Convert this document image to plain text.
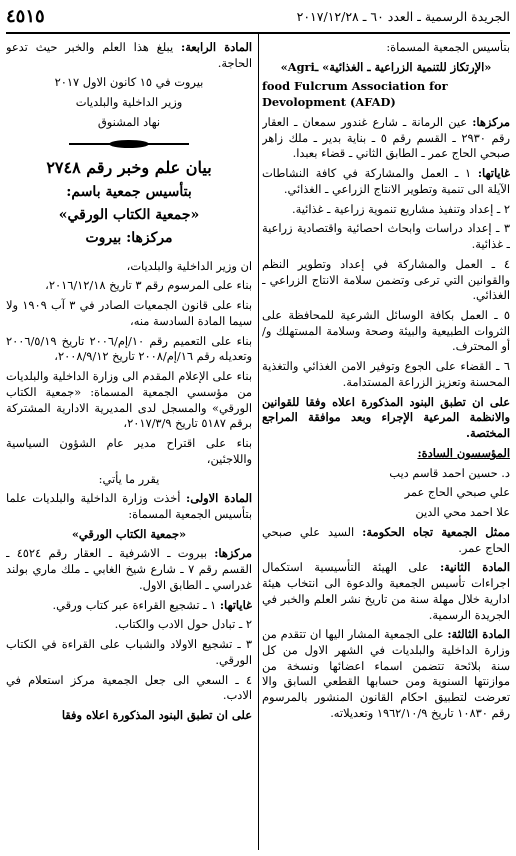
٤٥١٥	الجريدة الرسمية ـ العدد ٦٠ ـ ٢٠١٧/١٢/٢٨

بتأسيس الجمعية المسماة:

«الإرتكاز للتنمية الزراعية ـ الغذائية» ـAgri»

food Fulcrum Association for Devolopment (AFAD)

مركزها: عين الرمانة ـ شارع غندور سمعان ـ العقار رقم ٢٩٣٠ ـ القسم رقم ٥ ـ بناية بدير ـ ملك زاهر صبحي الحاج عمر ـ الطابق الثاني ـ قضاء بعبدا.

غاياتها: ١ ـ العمل والمشاركة في كافة النشاطات الآيلة الى تنمية وتطوير الانتاج الزراعي ـ الغذائي.

٢ ـ إعداد وتنفيذ مشاريع تنموية زراعية ـ غذائية.

٣ ـ إعداد دراسات وابحاث احصائية واقتصادية زراعية ـ غذائية.

٤ ـ العمل والمشاركة في إعداد وتطوير النظم والقوانين التي ترعى وتضمن سلامة الانتاج الزراعي ـ الغذائي.

٥ ـ العمل بكافة الوسائل الشرعية للمحافظة على الثروات الطبيعية والبيئة وصحة وسلامة المستهلك و/أو المحترف.

٦ ـ القضاء على الجوع وتوفير الامن الغذائي والتغذية المحسنة وتعزيز الزراعة المستدامة.

على ان تطبق البنود المذكورة اعلاه وفقا للقوانين والانظمة المرعية الإجراء وبعد موافقة المراجع المختصة.

المؤسسون السادة:

د. حسين احمد قاسم ديب

علي صبحي الحاج عمر

علا احمد محي الدين

ممثل الجمعية تجاه الحكومة: السيد علي صبحي الحاج عمر.

المادة الثانية: على الهيئة التأسيسية استكمال اجراءات تأسيس الجمعية والدعوة الى انتخاب هيئة ادارية خلال مهلة سنة من تاريخ نشر العلم والخبر في الجريدة الرسمية.

المادة الثالثة: على الجمعية المشار اليها ان تتقدم من وزارة الداخلية والبلديات في الشهر الاول من كل سنة بلائحة تتضمن اسماء اعضائها ونسخة من موازنتها السنوية ومن حسابها القطعي السابق والا تعرضت لتطبيق احكام القانون المنشور بالمرسوم رقم ١٠٨٣٠ تاريخ ١٩٦٢/١٠/٩ وتعديلاته.

المادة الرابعة: يبلغ هذا العلم والخبر حيث تدعو الحاجة.

بيروت في ١٥ كانون الاول ٢٠١٧

وزير الداخلية والبلديات

نهاد المشنوق

بيان علم وخبر رقم ٢٧٤٨

بتأسيس جمعية باسم:

«جمعية الكتاب الورقي»

مركزها: بيروت

ان وزير الداخلية والبلديات،

بناء على المرسوم رقم ٣ تاريخ ٢٠١٦/١٢/١٨،

بناء على قانون الجمعيات الصادر في ٣ آب ١٩٠٩ ولا سيما المادة السادسة منه،

بناء على التعميم رقم ١٠/إم/٢٠٠٦ تاريخ ٢٠٠٦/٥/١٩ وتعديله رقم ١٦/إم/٢٠٠٨ تاريخ ٢٠٠٨/٩/١٢،

بناء على الإعلام المقدم الى وزارة الداخلية والبلديات من مؤسسي الجمعية المسماة: «جمعية الكتاب الورقي» والمسجل لدى المديرية الادارية المشتركة برقم ٥١٨٧ تاريخ ٢٠١٧/٣/٩،

بناء على اقتراح مدير عام الشؤون السياسية واللاجئين،

يقرر ما يأتي:

المادة الاولى: أخذت وزارة الداخلية والبلديات علما بتأسيس الجمعية المسماة:

«جمعية الكتاب الورقي»

مركزها: بيروت ـ الاشرفية ـ العقار رقم ٤٥٢٤ ـ القسم رقم ٧ ـ شارع شيخ الغابي ـ ملك ماري بولند غدراسي ـ الطابق الاول.

غاياتها: ١ ـ تشجيع القراءة عبر كتاب ورقي.

٢ ـ تبادل حول الادب والكتاب.

٣ ـ تشجيع الاولاد والشباب على القراءة في الكتاب الورقي.

٤ ـ السعي الى جعل الجمعية مركز استعلام في الادب.

على ان تطبق البنود المذكورة اعلاه وفقا
